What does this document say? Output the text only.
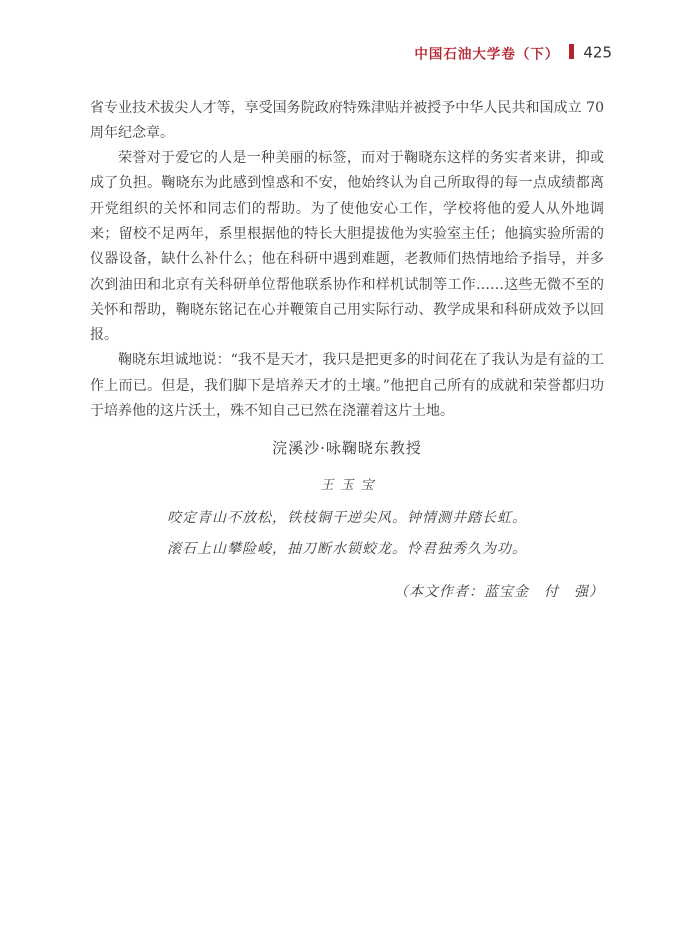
中国石油大学卷（下） 425

省专业技术拔尖人才等，享受国务院政府特殊津贴并被授予中华人民共和国成立 70 周年纪念章。

荣誉对于爱它的人是一种美丽的标签，而对于鞠晓东这样的务实者来讲，抑或成了负担。鞠晓东为此感到惶惑和不安，他始终认为自己所取得的每一点成绩都离开党组织的关怀和同志们的帮助。为了使他安心工作，学校将他的爱人从外地调来；留校不足两年，系里根据他的特长大胆提拔他为实验室主任；他搞实验所需的仪器设备，缺什么补什么；他在科研中遇到难题，老教师们热情地给予指导，并多次到油田和北京有关科研单位帮他联系协作和样机试制等工作……这些无微不至的关怀和帮助，鞠晓东铭记在心并鞭策自己用实际行动、教学成果和科研成效予以回报。

鞠晓东坦诚地说：“我不是天才，我只是把更多的时间花在了我认为是有益的工作上而已。但是，我们脚下是培养天才的土壤。”他把自己所有的成就和荣誉都归功于培养他的这片沃土，殊不知自己已然在浇灌着这片土地。

浣溪沙·咏鞠晓东教授
王玉宝
咬定青山不放松，铁枝铜干逆尖风。钟情测井踏长虹。
滚石上山攀险峻，抽刀断水锁蛟龙。怜君独秀久为功。
（本文作者：蓝宝金　付　强）
